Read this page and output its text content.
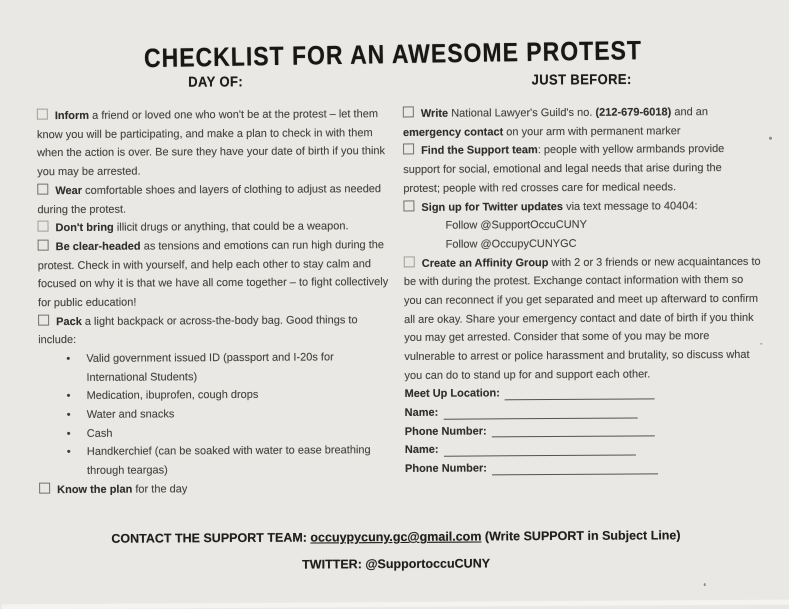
CHECKLIST FOR AN AWESOME PROTEST
DAY OF:

Inform a friend or loved one who won't be at the protest – let them know you will be participating, and make a plan to check in with them when the action is over. Be sure they have your date of birth if you think you may be arrested.

Wear comfortable shoes and layers of clothing to adjust as needed during the protest.

Don't bring illicit drugs or anything, that could be a weapon.

Be clear-headed as tensions and emotions can run high during the protest. Check in with yourself, and help each other to stay calm and focused on why it is that we have all come together – to fight collectively for public education!

Pack a light backpack or across-the-body bag. Good things to include:

•	Valid government issued ID (passport and I-20s for International Students)
•	Medication, ibuprofen, cough drops
•	Water and snacks
•	Cash
•	Handkerchief (can be soaked with water to ease breathing through teargas)

Know the plan for the day

JUST BEFORE:

Write National Lawyer's Guild's no. (212-679-6018) and an emergency contact on your arm with permanent marker

Find the Support team: people with yellow armbands provide support for social, emotional and legal needs that arise during the protest; people with red crosses care for medical needs.

Sign up for Twitter updates via text message to 40404:

Follow @SupportOccuCUNY

Follow @OccupyCUNYGC

Create an Affinity Group with 2 or 3 friends or new acquaintances to be with during the protest. Exchange contact information with them so you can reconnect if you get separated and meet up afterward to confirm all are okay. Share your emergency contact and date of birth if you think you may get arrested. Consider that some of you may be more vulnerable to arrest or police harassment and brutality, so discuss what you can do to stand up for and support each other.

Meet Up Location:
Name:
Phone Number:
Name:
Phone Number:
CONTACT THE SUPPORT TEAM: occuypycuny.gc@gmail.com (Write SUPPORT in Subject Line)
TWITTER: @SupportoccuCUNY
